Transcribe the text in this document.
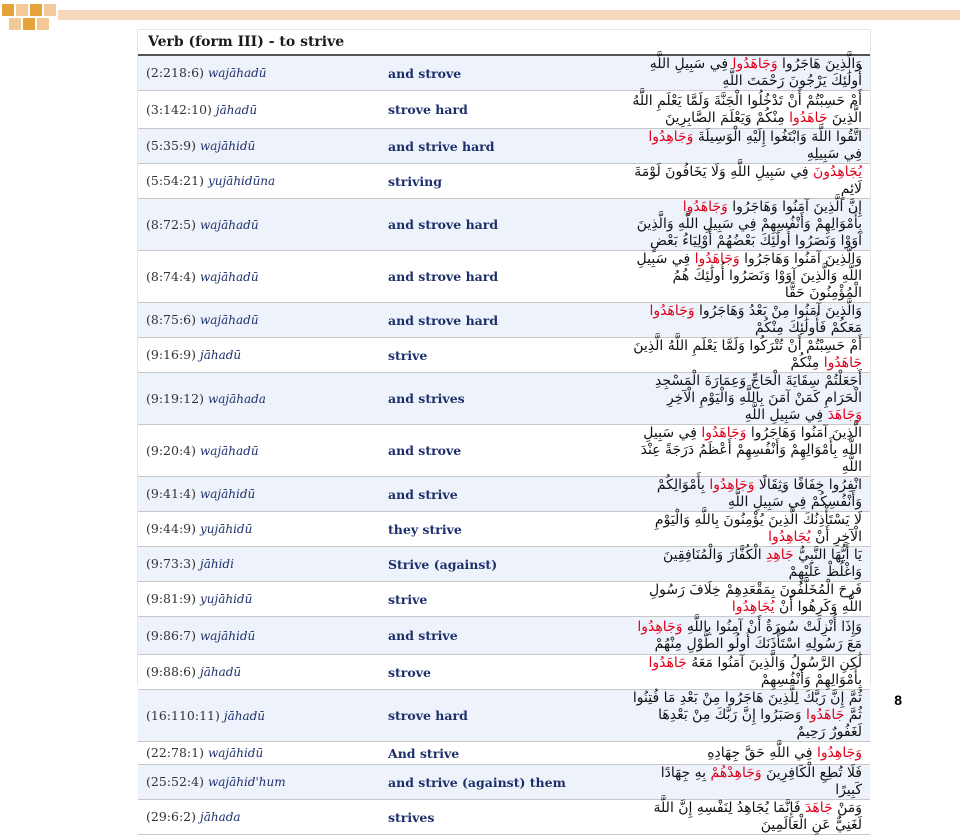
Verb (form III) - to strive		
(2:218:6) wajāhadū	and strove	وَالَّذِينَ هَاجَرُوا وَجَاهَدُوا فِي سَبِيلِ اللَّهِ أُولَٰئِكَ يَرْجُونَ رَحْمَتَ اللَّهِ
(3:142:10) jāhadū	strove hard	أَمْ حَسِبْتُمْ أَنْ تَدْخُلُوا الْجَنَّةَ وَلَمَّا يَعْلَمِ اللَّهُ الَّذِينَ جَاهَدُوا مِنْكُمْ وَيَعْلَمَ الصَّابِرِينَ
(5:35:9) wajāhidū	and strive hard	اتَّقُوا اللَّهَ وَابْتَغُوا إِلَيْهِ الْوَسِيلَةَ وَجَاهِدُوا فِي سَبِيلِهِ
(5:54:21) yujāhidūna	striving	يُجَاهِدُونَ فِي سَبِيلِ اللَّهِ وَلَا يَخَافُونَ لَوْمَةَ لَائِمٍ
(8:72:5) wajāhadū	and strove hard	إِنَّ الَّذِينَ آمَنُوا وَهَاجَرُوا وَجَاهَدُوا بِأَمْوَالِهِمْ وَأَنْفُسِهِمْ فِي سَبِيلِ اللَّهِ وَالَّذِينَ آوَوْا وَنَصَرُوا أُولَٰئِكَ بَعْضُهُمْ أَوْلِيَاءُ بَعْضٍ
(8:74:4) wajāhadū	and strove hard	وَالَّذِينَ آمَنُوا وَهَاجَرُوا وَجَاهَدُوا فِي سَبِيلِ اللَّهِ وَالَّذِينَ آوَوْا وَنَصَرُوا أُولَٰئِكَ هُمُ الْمُؤْمِنُونَ حَقًّا
(8:75:6) wajāhadū	and strove hard	وَالَّذِينَ آمَنُوا مِنْ بَعْدُ وَهَاجَرُوا وَجَاهَدُوا مَعَكُمْ فَأُولَٰئِكَ مِنْكُمْ
(9:16:9) jāhadū	strive	أَمْ حَسِبْتُمْ أَنْ تُتْرَكُوا وَلَمَّا يَعْلَمِ اللَّهُ الَّذِينَ جَاهَدُوا مِنْكُمْ
(9:19:12) wajāhada	and strives	أَجَعَلْتُمْ سِقَايَةَ الْحَاجِّ وَعِمَارَةَ الْمَسْجِدِ الْحَرَامِ كَمَنْ آمَنَ بِاللَّهِ وَالْيَوْمِ الْآخِرِ وَجَاهَدَ فِي سَبِيلِ اللَّهِ
(9:20:4) wajāhadū	and strove	الَّذِينَ آمَنُوا وَهَاجَرُوا وَجَاهَدُوا فِي سَبِيلِ اللَّهِ بِأَمْوَالِهِمْ وَأَنْفُسِهِمْ أَعْظَمُ دَرَجَةً عِنْدَ اللَّهِ
(9:41:4) wajāhidū	and strive	انْفِرُوا خِفَافًا وَثِقَالًا وَجَاهِدُوا بِأَمْوَالِكُمْ وَأَنْفُسِكُمْ فِي سَبِيلِ اللَّهِ
(9:44:9) yujāhidū	they strive	لَا يَسْتَأْذِنُكَ الَّذِينَ يُؤْمِنُونَ بِاللَّهِ وَالْيَوْمِ الْآخِرِ أَنْ يُجَاهِدُوا
(9:73:3) jāhidi	Strive (against)	يَا أَيُّهَا النَّبِيُّ جَاهِدِ الْكُفَّارَ وَالْمُنَافِقِينَ وَاغْلُظْ عَلَيْهِمْ
(9:81:9) yujāhidū	strive	فَرِحَ الْمُخَلَّفُونَ بِمَقْعَدِهِمْ خِلَافَ رَسُولِ اللَّهِ وَكَرِهُوا أَنْ يُجَاهِدُوا
(9:86:7) wajāhidū	and strive	وَإِذَا أُنْزِلَتْ سُورَةٌ أَنْ آمِنُوا بِاللَّهِ وَجَاهِدُوا مَعَ رَسُولِهِ اسْتَأْذَنَكَ أُولُو الطَّوْلِ مِنْهُمْ
(9:88:6) jāhadū	strove	لَٰكِنِ الرَّسُولُ وَالَّذِينَ آمَنُوا مَعَهُ جَاهَدُوا بِأَمْوَالِهِمْ وَأَنْفُسِهِمْ
(16:110:11) jāhadū	strove hard	ثُمَّ إِنَّ رَبَّكَ لِلَّذِينَ هَاجَرُوا مِنْ بَعْدِ مَا فُتِنُوا ثُمَّ جَاهَدُوا وَصَبَرُوا إِنَّ رَبَّكَ مِنْ بَعْدِهَا لَغَفُورٌ رَحِيمٌ
(22:78:1) wajāhidū	And strive	وَجَاهِدُوا فِي اللَّهِ حَقَّ جِهَادِهِ
(25:52:4) wajāhid'hum	and strive (against) them	فَلَا تُطِعِ الْكَافِرِينَ وَجَاهِدْهُمْ بِهِ جِهَادًا كَبِيرًا
(29:6:2) jāhada	strives	وَمَنْ جَاهَدَ فَإِنَّمَا يُجَاهِدُ لِنَفْسِهِ إِنَّ اللَّهَ لَغَنِيٌّ عَنِ الْعَالَمِينَ
8
